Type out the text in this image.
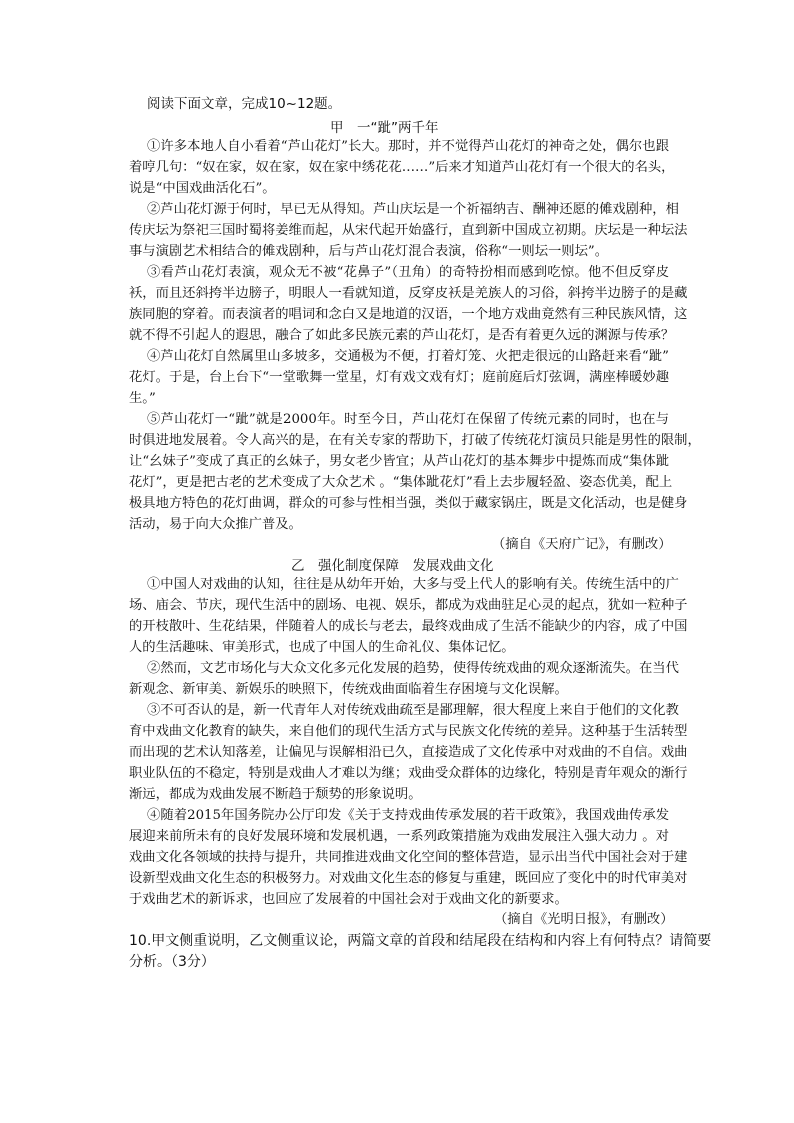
阅读下面文章，完成10~12题。
甲　一“跐”两千年
①许多本地人自小看着“芦山花灯”长大。那时，并不觉得芦山花灯的神奇之处，偶尔也跟
着哼几句：“奴在家，奴在家，奴在家中绣花花……”后来才知道芦山花灯有一个很大的名头，
说是“中国戏曲活化石”。
②芦山花灯源于何时，早已无从得知。芦山庆坛是一个祈福纳吉、酬神还愿的傩戏剧种，相
传庆坛为祭祀三国时蜀将姜维而起，从宋代起开始盛行，直到新中国成立初期。庆坛是一种坛法
事与演剧艺术相结合的傩戏剧种，后与芦山花灯混合表演，俗称“一则坛一则坛”。
③看芦山花灯表演，观众无不被“花鼻子”（丑角）的奇特扮相而感到吃惊。他不但反穿皮
袄，而且还斜挎半边膀子，明眼人一看就知道，反穿皮袄是羌族人的习俗，斜挎半边膀子的是藏
族同胞的穿着。而表演者的唱词和念白又是地道的汉语，一个地方戏曲竟然有三种民族风情，这
就不得不引起人的遐思，融合了如此多民族元素的芦山花灯，是否有着更久远的渊源与传承？
④芦山花灯自然属里山多坡多，交通极为不便，打着灯笼、火把走很远的山路赶来看“跐”
花灯。于是，台上台下“一堂歌舞一堂星，灯有戏文戏有灯；庭前庭后灯弦调，满座棒暖妙趣
生。”
⑤芦山花灯一“跐”就是2000年。时至今日，芦山花灯在保留了传统元素的同时，也在与
时俱进地发展着。令人高兴的是，在有关专家的帮助下，打破了传统花灯演员只能是男性的限制，
让“幺妹子”变成了真正的幺妹子，男女老少皆宜；从芦山花灯的基本舞步中提炼而成“集体跐
花灯”，更是把古老的艺术变成了大众艺术 。“集体跐花灯”看上去步履轻盈、姿态优美，配上
极具地方特色的花灯曲调，群众的可参与性相当强，类似于藏家锅庄，既是文化活动，也是健身
活动，易于向大众推广普及。
（摘自《天府广记》，有删改）
乙　强化制度保障　发展戏曲文化
①中国人对戏曲的认知，往往是从幼年开始，大多与受上代人的影响有关。传统生活中的广
场、庙会、节庆，现代生活中的剧场、电视、娱乐，都成为戏曲驻足心灵的起点，犹如一粒种子
的开枝散叶、生花结果，伴随着人的成长与老去，最终戏曲成了生活不能缺少的内容，成了中国
人的生活趣味、审美形式，也成了中国人的生命礼仪、集体记忆。
②然而，文艺市场化与大众文化多元化发展的趋势，使得传统戏曲的观众逐渐流失。在当代
新观念、新审美、新娱乐的映照下，传统戏曲面临着生存困境与文化误解。
③不可否认的是，新一代青年人对传统戏曲疏至是鄙理解，很大程度上来自于他们的文化教
育中戏曲文化教育的缺失，来自他们的现代生活方式与民族文化传统的差异。这种基于生活转型
而出现的艺术认知落差，让偏见与误解相沿已久，直接造成了文化传承中对戏曲的不自信。戏曲
职业队伍的不稳定，特别是戏曲人才难以为继；戏曲受众群体的边缘化，特别是青年观众的渐行
渐远，都成为戏曲发展不断趋于颓势的形象说明。
④随着2015年国务院办公厅印发《关于支持戏曲传承发展的若干政策》，我国戏曲传承发
展迎来前所未有的良好发展环境和发展机遇，一系列政策措施为戏曲发展注入强大动力 。对
戏曲文化各领域的扶持与提升，共同推进戏曲文化空间的整体营造，显示出当代中国社会对于建
设新型戏曲文化生态的积极努力。对戏曲文化生态的修复与重建，既回应了变化中的时代审美对
于戏曲艺术的新诉求，也回应了发展着的中国社会对于戏曲文化的新要求。
（摘自《光明日报》，有删改）
10.甲文侧重说明，乙文侧重议论，两篇文章的首段和结尾段在结构和内容上有何特点？请简要
分析。（3分）
